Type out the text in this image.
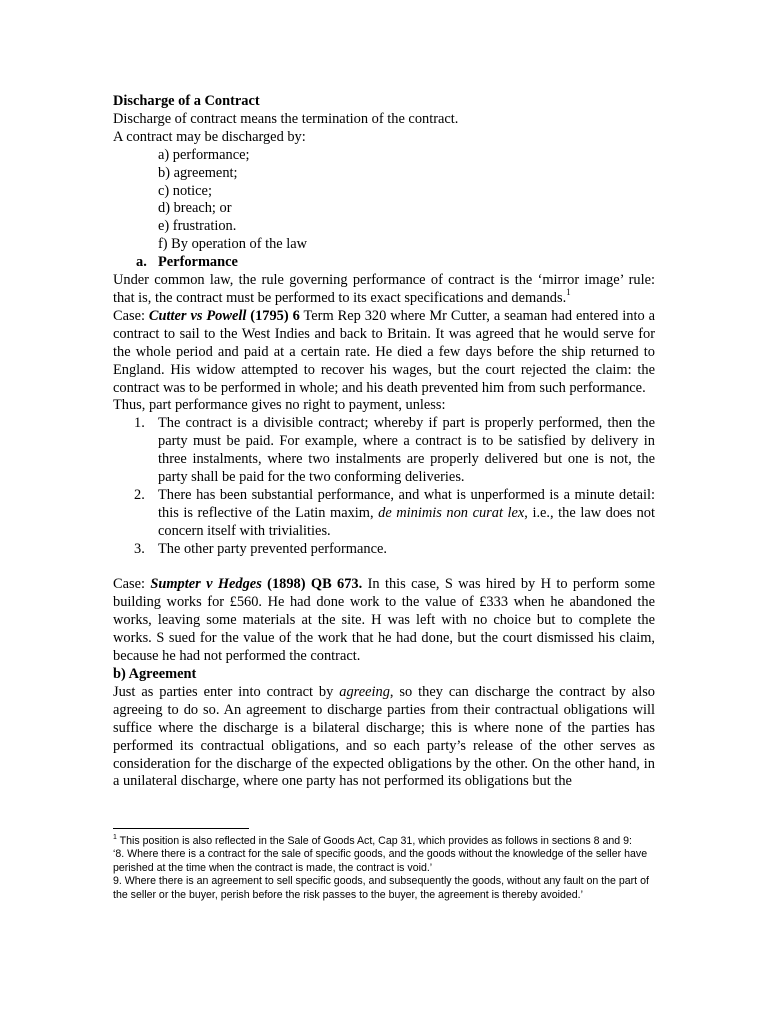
Discharge of a Contract

Discharge of contract means the termination of the contract.

A contract may be discharged by:

a) performance;
b) agreement;
c) notice;
d) breach; or
e) frustration.
f) By operation of the law
a. Performance

Under common law, the rule governing performance of contract is the ‘mirror image’ rule: that is, the contract must be performed to its exact specifications and demands.$^1$

Case: Cutter vs Powell (1795) 6 Term Rep 320 where Mr Cutter, a seaman had entered into a contract to sail to the West Indies and back to Britain. It was agreed that he would serve for the whole period and paid at a certain rate. He died a few days before the ship returned to England. His widow attempted to recover his wages, but the court rejected the claim: the contract was to be performed in whole; and his death prevented him from such performance.

Thus, part performance gives no right to payment, unless:

1. The contract is a divisible contract; whereby if part is properly performed, then the party must be paid. For example, where a contract is to be satisfied by delivery in three instalments, where two instalments are properly delivered but one is not, the party shall be paid for the two conforming deliveries.
2. There has been substantial performance, and what is unperformed is a minute detail: this is reflective of the Latin maxim, de minimis non curat lex, i.e., the law does not concern itself with trivialities.
3. The other party prevented performance.

Case: Sumpter v Hedges (1898) QB 673. In this case, S was hired by H to perform some building works for £560. He had done work to the value of £333 when he abandoned the works, leaving some materials at the site. H was left with no choice but to complete the works. S sued for the value of the work that he had done, but the court dismissed his claim, because he had not performed the contract.

b) Agreement

Just as parties enter into contract by agreeing, so they can discharge the contract by also agreeing to do so. An agreement to discharge parties from their contractual obligations will suffice where the discharge is a bilateral discharge; this is where none of the parties has performed its contractual obligations, and so each party’s release of the other serves as consideration for the discharge of the expected obligations by the other. On the other hand, in a unilateral discharge, where one party has not performed its obligations but the

$^1$ This position is also reflected in the Sale of Goods Act, Cap 31, which provides as follows in sections 8 and 9:

‘8. Where there is a contract for the sale of specific goods, and the goods without the knowledge of the seller have perished at the time when the contract is made, the contract is void.’

9. Where there is an agreement to sell specific goods, and subsequently the goods, without any fault on the part of the seller or the buyer, perish before the risk passes to the buyer, the agreement is thereby avoided.’
